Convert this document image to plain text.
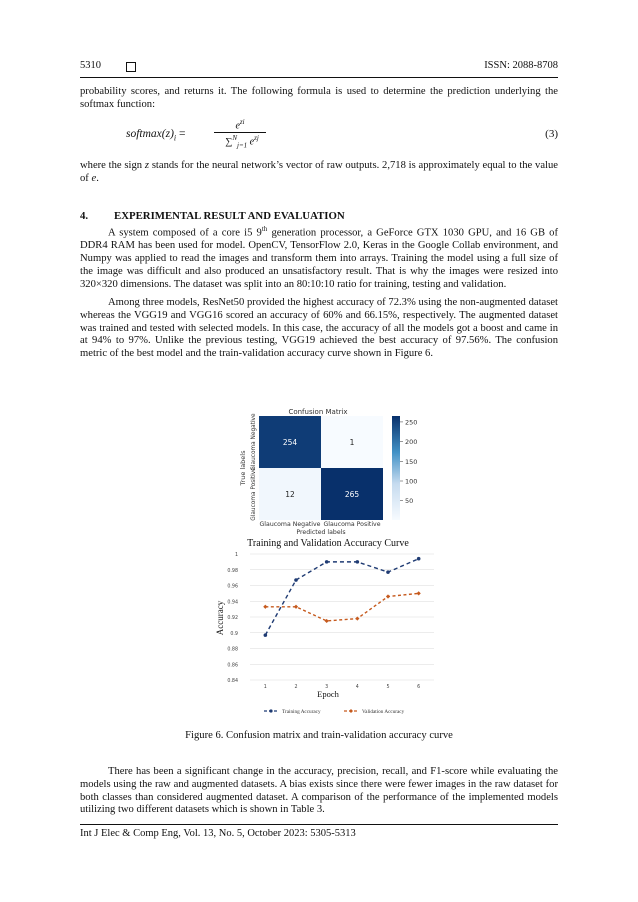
5310	ISSN: 2088-8708

probability scores, and returns it. The following formula is used to determine the prediction underlying the softmax function:

$softmax(z)_i$ =
$e^{zi}$
∑$^N_{j=1}$ $e^{zj}$	(3)

where the sign z stands for the neural network’s vector of raw outputs. 2,718 is approximately equal to the value of e.

4. EXPERIMENTAL RESULT AND EVALUATION

A system composed of a core i5 9th generation processor, a GeForce GTX 1030 GPU, and 16 GB of DDR4 RAM has been used for model. OpenCV, TensorFlow 2.0, Keras in the Google Collab environment, and Numpy was applied to read the images and transform them into arrays. Training the model using a full size of the image was difficult and also produced an unsatisfactory result. That is why the images were resized into 320×320 dimensions. The dataset was split into an 80:10:10 ratio for training, testing and validation.

Among three models, ResNet50 provided the highest accuracy of 72.3% using the non-augmented dataset whereas the VGG19 and VGG16 scored an accuracy of 60% and 66.15%, respectively. The augmented dataset was trained and tested with selected models. In this case, the accuracy of all the models got a boost and came in at 94% to 97%. Unlike the previous testing, VGG19 achieved the best accuracy of 97.56%. The confusion metric of the best model and the train-validation accuracy curve shown in Figure 6.

Confusion Matrix
True labels Glaucoma Negative
Glaucoma Positive
254	1
12	265
Glaucoma Negative Glaucoma Positive
Predicted labels
250
200
150
100
50
Training and Validation Accuracy Curve
Accuracy
Epoch
1
0.98
0.96
0.94
0.92
0.9
0.88
0.86
0.84
1	2	3	4	5	6
Training Accuracy	Validation Accuracy
Figure 6. Confusion matrix and train-validation accuracy curve

There has been a significant change in the accuracy, precision, recall, and F1-score while evaluating the models using the raw and augmented datasets. A bias exists since there were fewer images in the raw dataset for both classes than considered augmented dataset. A comparison of the performance of the implemented models utilizing two different datasets which is shown in Table 3.

Int J Elec & Comp Eng, Vol. 13, No. 5, October 2023: 5305-5313
